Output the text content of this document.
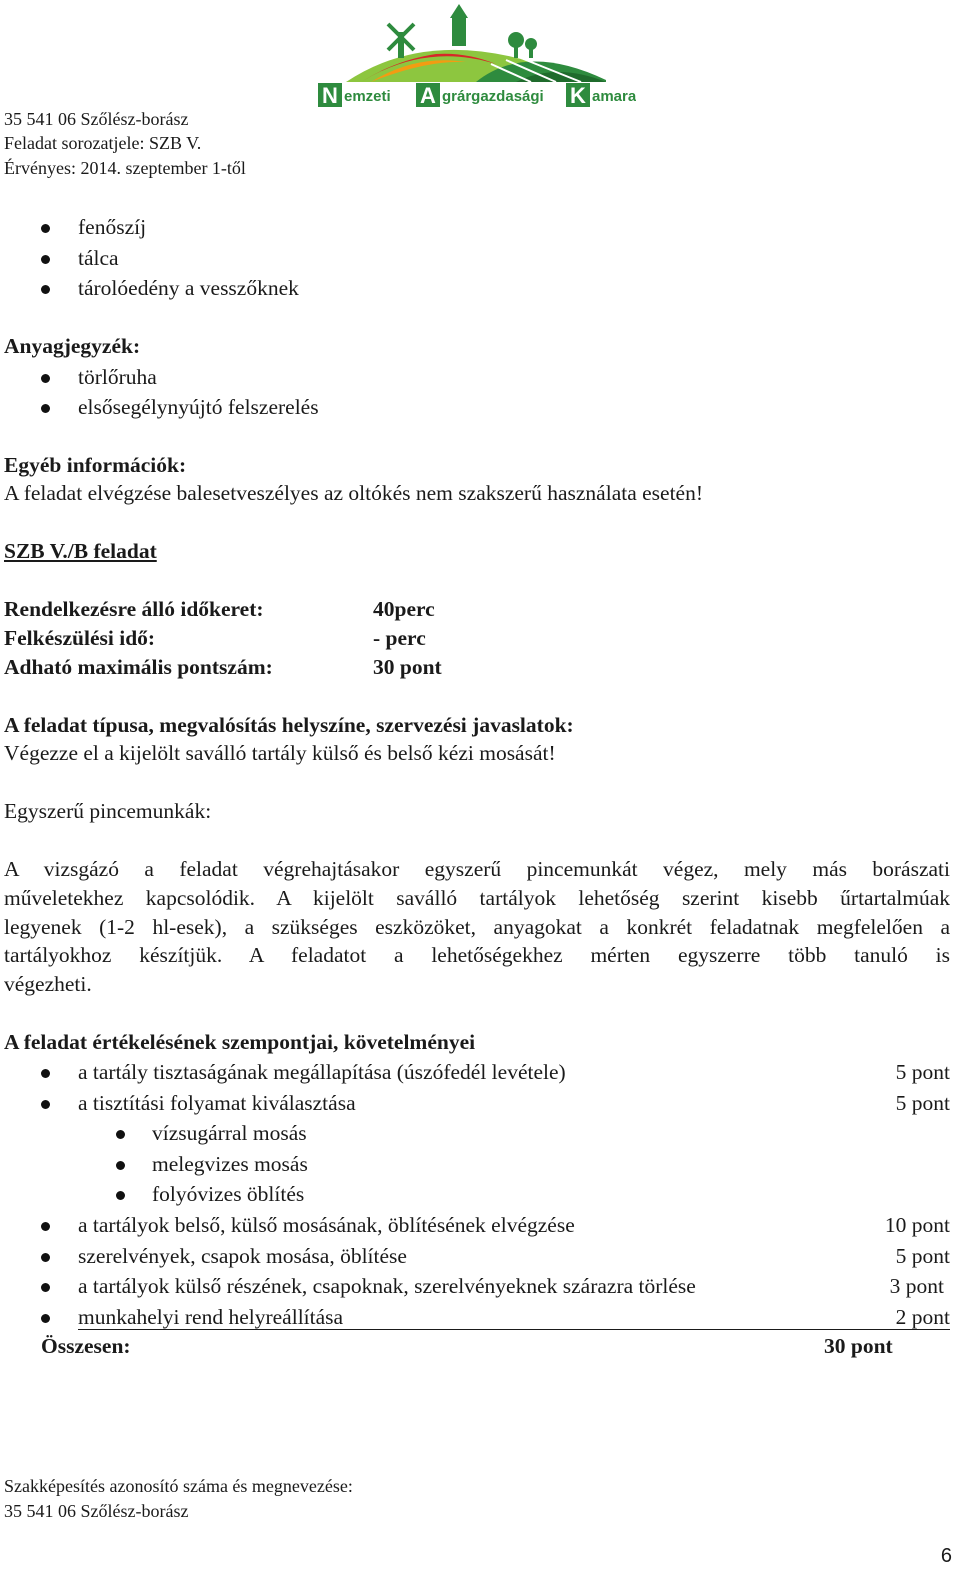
35 541 06 Szőlész-borász
Feladat sorozatjele: SZB V.
Érvényes: 2014. szeptember 1-től
N emzeti A grárgazdasági K amara
fenőszíj
tálca
tárolóedény a vesszőknek
Anyagjegyzék:
törlőruha
elsősegélynyújtó felszerelés
Egyéb információk:
A feladat elvégzése balesetveszélyes az oltókés nem szakszerű használata esetén!
SZB V./B feladat
Rendelkezésre álló időkeret:	40perc
Felkészülési idő:	- perc
Adható maximális pontszám:	30 pont
A feladat típusa, megvalósítás helyszíne, szervezési javaslatok:
Végezze el a kijelölt saválló tartály külső és belső kézi mosását!
Egyszerű pincemunkák:
A vizsgázó a feladat végrehajtásakor egyszerű pincemunkát végez, mely más borászati
műveletekhez kapcsolódik. A kijelölt saválló tartályok lehetőség szerint kisebb űrtartalmúak
legyenek (1-2 hl-esek), a szükséges eszközöket, anyagokat a konkrét feladatnak megfelelően a
tartályokhoz készítjük. A feladatot a lehetőségekhez mérten egyszerre több tanuló is
végezheti.
A feladat értékelésének szempontjai, követelményei
a tartály tisztaságának megállapítása (úszófedél levétele)	5 pont
a tisztítási folyamat kiválasztása	5 pont
vízsugárral mosás
melegvizes mosás
folyóvizes öblítés
a tartályok belső, külső mosásának, öblítésének elvégzése	10 pont
szerelvények, csapok mosása, öblítése	5 pont
a tartályok külső részének, csapoknak, szerelvényeknek szárazra törlése	3 pont
munkahelyi rend helyreállítása	2 pont
Összesen:	30 pont
Szakképesítés azonosító száma és megnevezése:
35 541 06 Szőlész-borász
6
